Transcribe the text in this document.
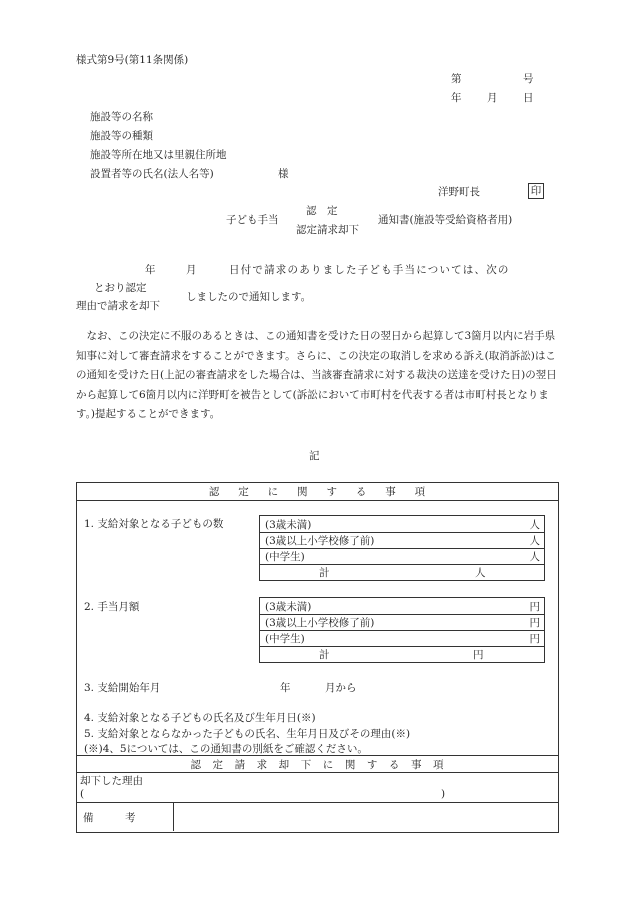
様式第9号(第11条関係)
第	号
年 月 日
施設等の名称
施設等の種類
施設等所在地又は里親住所地
設置者等の氏名(法人名等)	様
洋野町長	印
子ども手当
認　定
認定請求却下
通知書(施設等受給資格者用)
年	月	日付で請求のありました子ども手当については、次の
とおり認定
理由で請求を却下
しましたので通知します。
なお、この決定に不服のあるときは、この通知書を受けた日の翌日から起算して3箇月以内に岩手県知事に対して審査請求をすることができます。さらに、この決定の取消しを求める訴え(取消訴訟)はこの通知を受けた日(上記の審査請求をした場合は、当該審査請求に対する裁決の送達を受けた日)の翌日から起算して6箇月以内に洋野町を被告として(訴訟において市町村を代表する者は市町村長となります。)提起することができます。
記
認定に関する事項
1. 支給対象となる子どもの数	(3歳未満)	人
(3歳以上小学校修了前)	人
(中学生)	人
計	人
2. 手当月額	(3歳未満)	円
(3歳以上小学校修了前)	円
(中学生)	円
計	円
3. 支給開始年月	年	月から
4. 支給対象となる子どもの氏名及び生年月日(※)
5. 支給対象とならなかった子どもの氏名、生年月日及びその理由(※)
(※)4、5については、この通知書の別紙をご確認ください。
認定請求却下に関する事項
却下した理由
(	)
備　　　考
